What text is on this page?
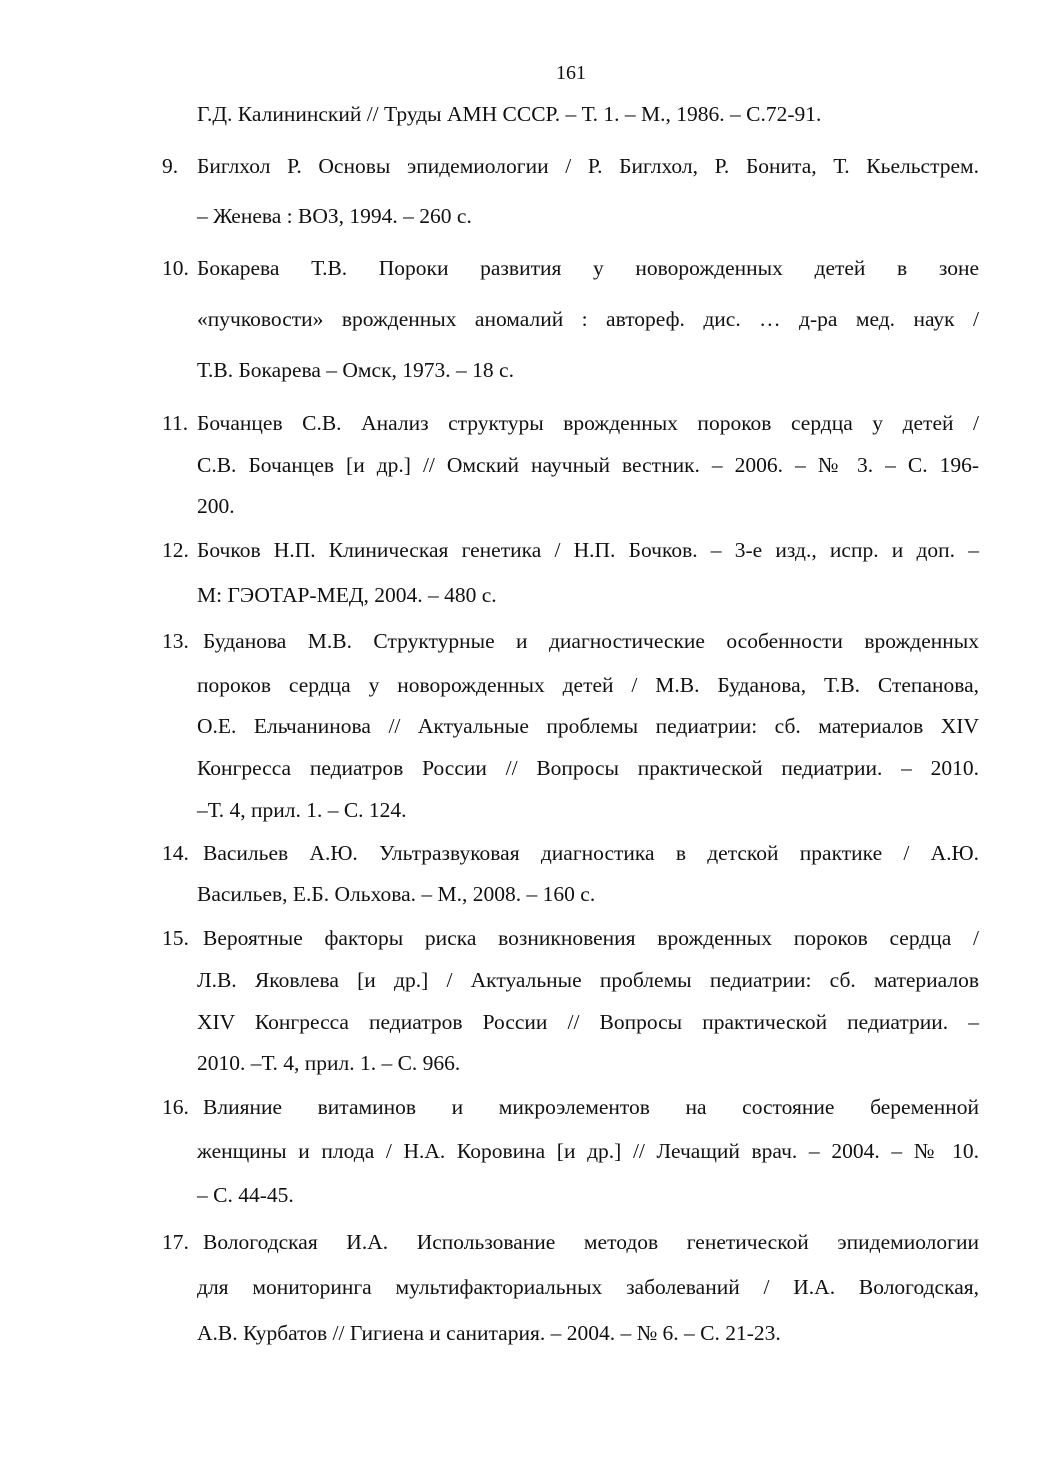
161
Г.Д. Калининский // Труды АМН СССР. – Т. 1. – М., 1986. – С.72-91.
9. Биглхол Р. Основы эпидемиологии / Р. Биглхол, Р. Бонита, Т. Кьельстрем.
– Женева : ВОЗ, 1994. – 260 с.
10. Бокарева Т.В. Пороки развития у новорожденных детей в зоне
«пучковости» врожденных аномалий : автореф. дис. … д-ра мед. наук /
Т.В. Бокарева – Омск, 1973. – 18 с.
11. Бочанцев С.В. Анализ структуры врожденных пороков сердца у детей /
С.В. Бочанцев [и др.] // Омский научный вестник. – 2006. – № 3. – С. 196-
200.
12. Бочков Н.П. Клиническая генетика / Н.П. Бочков. – 3-е изд., испр. и доп. –
М: ГЭОТАР-МЕД, 2004. – 480 с.
13. Буданова М.В. Структурные и диагностические особенности врожденных
пороков сердца у новорожденных детей / М.В. Буданова, Т.В. Степанова,
О.Е. Ельчанинова // Актуальные проблемы педиатрии: сб. материалов XIV
Конгресса педиатров России // Вопросы практической педиатрии. – 2010.
–Т. 4, прил. 1. – С. 124.
14. Васильев А.Ю. Ультразвуковая диагностика в детской практике / А.Ю.
Васильев, Е.Б. Ольхова. – М., 2008. – 160 с.
15. Вероятные факторы риска возникновения врожденных пороков сердца /
Л.В. Яковлева [и др.] / Актуальные проблемы педиатрии: сб. материалов
XIV Конгресса педиатров России // Вопросы практической педиатрии. –
2010. –Т. 4, прил. 1. – С. 966.
16. Влияние витаминов и микроэлементов на состояние беременной
женщины и плода / Н.А. Коровина [и др.] // Лечащий врач. – 2004. – № 10.
– С. 44-45.
17. Вологодская И.А. Использование методов генетической эпидемиологии
для мониторинга мультифакториальных заболеваний / И.А. Вологодская,
А.В. Курбатов // Гигиена и санитария. – 2004. – № 6. – С. 21-23.
